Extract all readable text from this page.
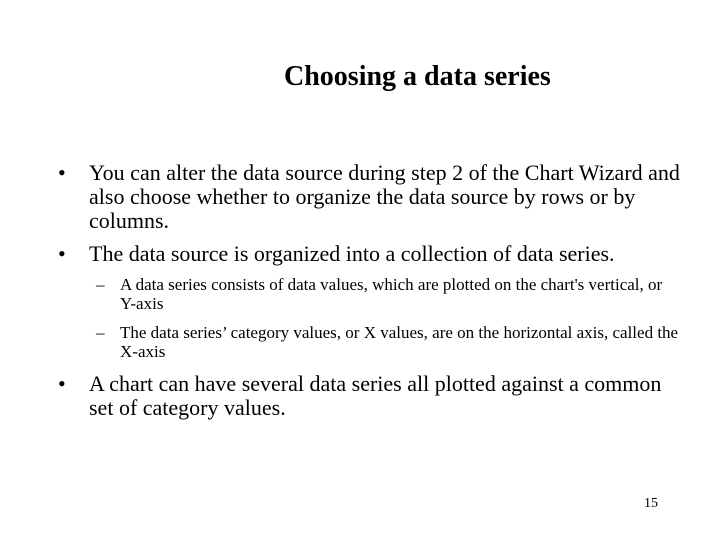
Choosing a data series
• You can alter the data source during step 2 of the Chart Wizard and also choose whether to organize the data source by rows or by columns.
• The data source is organized into a collection of data series.
– A data series consists of data values, which are plotted on the chart's vertical, or Y-axis
– The data series’ category values, or X values, are on the horizontal axis, called the X-axis
• A chart can have several data series all plotted against a common set of category values.
15
